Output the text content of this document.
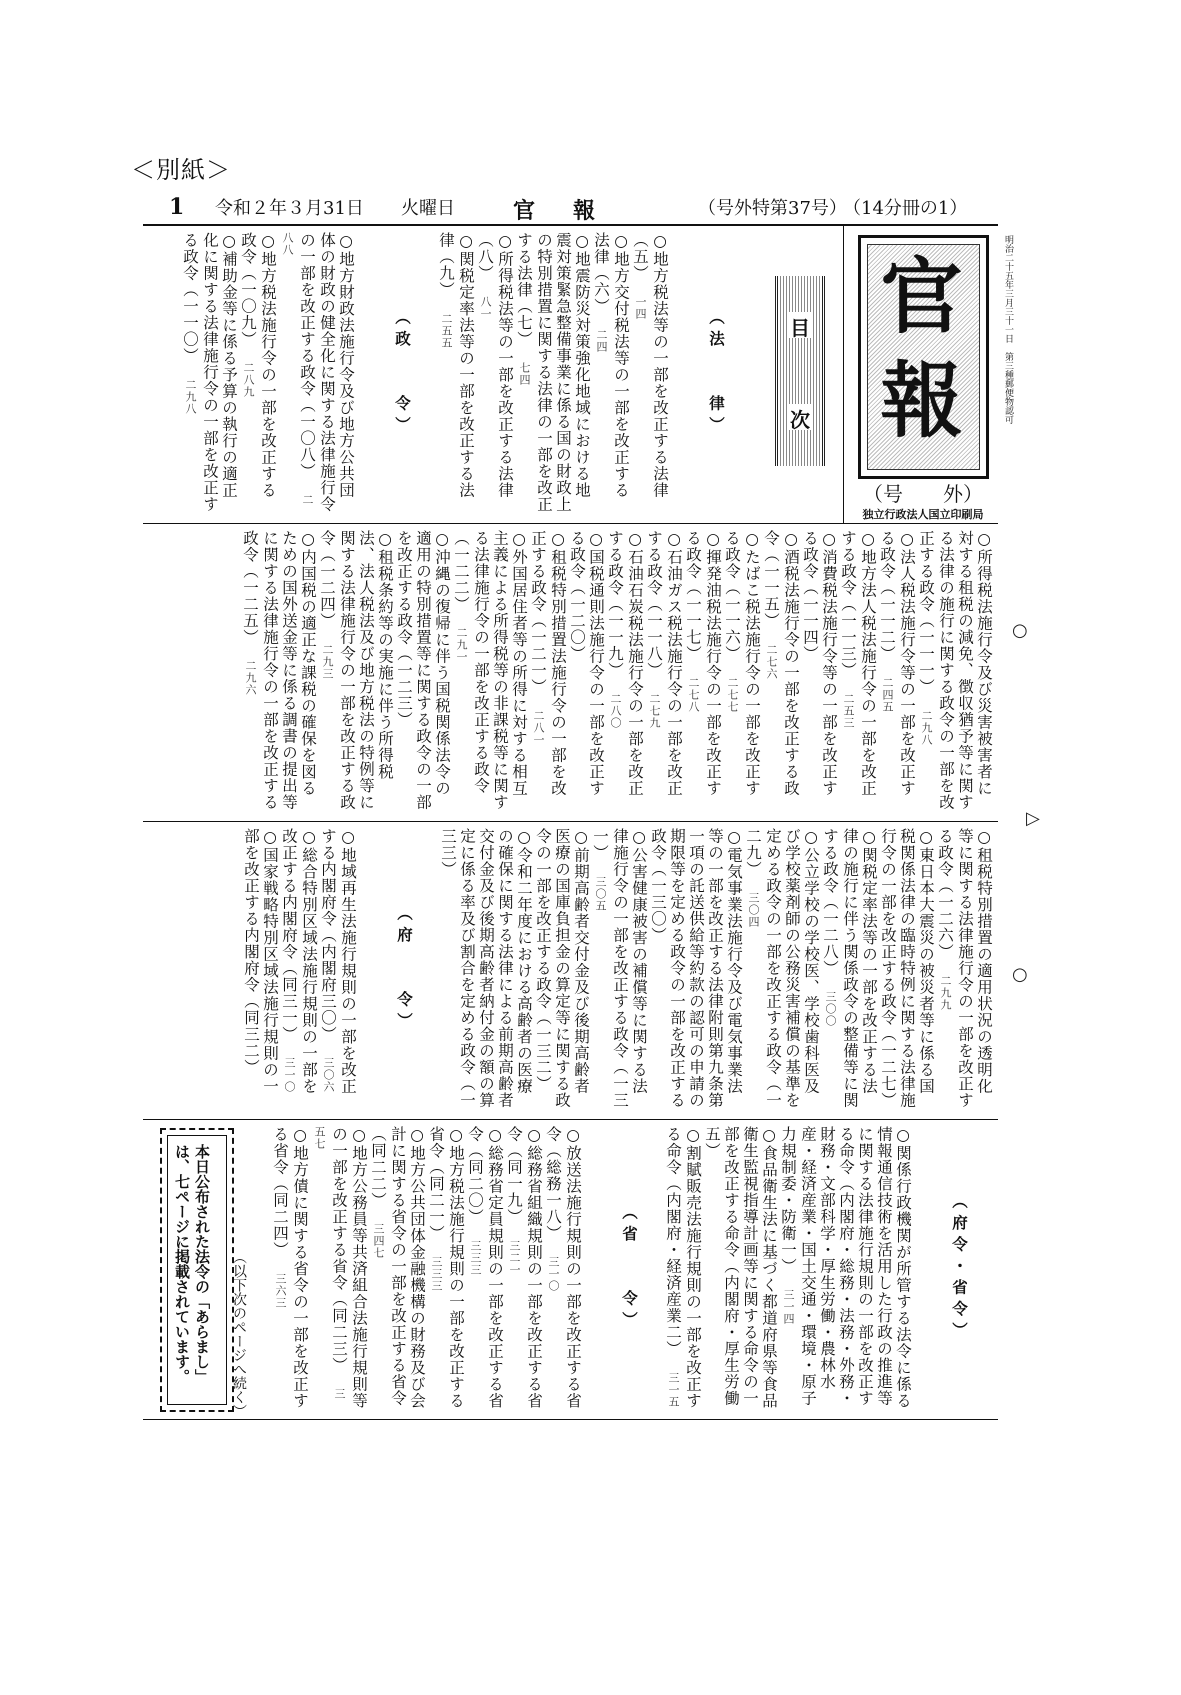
＜別紙＞
1 令和２年３月31日 火曜日	官 報	（号外特第37号）
（14分冊の1）
官
報
（号　　外）
独立行政法人国立印刷局
明治二十五年三月三十一日　第三種郵便物認可
目
次

（法　　律）

○地方税法等の一部を改正する法律（五）　一四

○地方交付税法等の一部を改正する法律（六）　二四

○地震防災対策強化地域における地震対策緊急整備事業に係る国の財政上の特別措置に関する法律の一部を改正する法律（七）　七四

○所得税法等の一部を改正する法律（八）　八一

○関税定率法等の一部を改正する法律（九）　二五五

（政　　令）

○地方財政法施行令及び地方公共団体の財政の健全化に関する法律施行令の一部を改正する政令（一〇八）　二八八

○地方税法施行令の一部を改正する政令（一〇九）　二八九

○補助金等に係る予算の執行の適正化に関する法律施行令の一部を改正する政令（一一〇）　二九八

○所得税法施行令及び災害被害者に対する租税の減免、徴収猶予等に関する法律の施行に関する政令の一部を改正する政令（一一一）　二九八

○法人税法施行令等の一部を改正する政令（一一二）　二四五

○地方法人税法施行令の一部を改正する政令（一一三）　二五三

○消費税法施行令等の一部を改正する政令（一一四）

○酒税法施行令の一部を改正する政令（一一五）　二七六

○たばこ税法施行令の一部を改正する政令（一一六）　二七七

○揮発油税法施行令の一部を改正する政令（一一七）　二七八

○石油ガス税法施行令の一部を改正する政令（一一八）　二七九

○石油石炭税法施行令の一部を改正する政令（一一九）　二八〇

○国税通則法施行令の一部を改正する政令（一二〇）

○租税特別措置法施行令の一部を改正する政令（一二一）　二八一

○外国居住者等の所得に対する相互主義による所得税等の非課税等に関する法律施行令の一部を改正する政令（一二二）　二九一

○沖縄の復帰に伴う国税関係法令の適用の特別措置等に関する政令の一部を改正する政令（一二三）

○租税条約等の実施に伴う所得税法、法人税法及び地方税法の特例等に関する法律施行令の一部を改正する政令（一二四）　二九三

○内国税の適正な課税の確保を図るための国外送金等に係る調書の提出等に関する法律施行令の一部を改正する政令（一二五）　二九六

○租税特別措置の適用状況の透明化等に関する法律施行令の一部を改正する政令（一二六）　二九九

○東日本大震災の被災者等に係る国税関係法律の臨時特例に関する法律施行令の一部を改正する政令（一二七）

○関税定率法等の一部を改正する法律の施行に伴う関係政令の整備等に関する政令（一二八）　三〇〇

○公立学校の学校医、学校歯科医及び学校薬剤師の公務災害補償の基準を定める政令の一部を改正する政令（一二九）　三〇四

○電気事業法施行令及び電気事業法等の一部を改正する法律附則第九条第一項の託送供給等約款の認可の申請の期限等を定める政令の一部を改正する政令（一三〇）

○公害健康被害の補償等に関する法律施行令の一部を改正する政令（一三一）　三〇五

○前期高齢者交付金及び後期高齢者医療の国庫負担金の算定等に関する政令の一部を改正する政令（一三二）

○令和二年度における高齢者の医療の確保に関する法律による前期高齢者交付金及び後期高齢者納付金の額の算定に係る率及び割合を定める政令（一三三）

（府　　令）

○地域再生法施行規則の一部を改正する内閣府令（内閣府三〇）　三〇六

○総合特別区域法施行規則の一部を改正する内閣府令（同三一）　三一〇

○国家戦略特別区域法施行規則の一部を改正する内閣府令（同三二）

（府令・省令）

○関係行政機関が所管する法令に係る情報通信技術を活用した行政の推進等に関する法律施行規則の一部を改正する命令（内閣府・総務・法務・外務・財務・文部科学・厚生労働・農林水産・経済産業・国土交通・環境・原子力規制委・防衛一）　三一四

○食品衛生法に基づく都道府県等食品衛生監視指導計画等に関する命令の一部を改正する命令（内閣府・厚生労働五）

○割賦販売法施行規則の一部を改正する命令（内閣府・経済産業二）　三一五

（省　　令）

○放送法施行規則の一部を改正する省令（総務一八）　三一〇

○総務省組織規則の一部を改正する省令（同一九）　三二一

○総務省定員規則の一部を改正する省令（同二〇）　三三三

○地方税法施行規則の一部を改正する省令（同二一）　三三三

○地方公共団体金融機構の財務及び会計に関する省令の一部を改正する省令（同二二）　三四七

○地方公務員等共済組合法施行規則等の一部を改正する省令（同二三）　三五七

○地方債に関する省令の一部を改正する省令（同二四）　三六三

本日公布された法令の「あらまし」は、七ページに掲載されています。	（以下次のページへ続く）
○
▷
○
